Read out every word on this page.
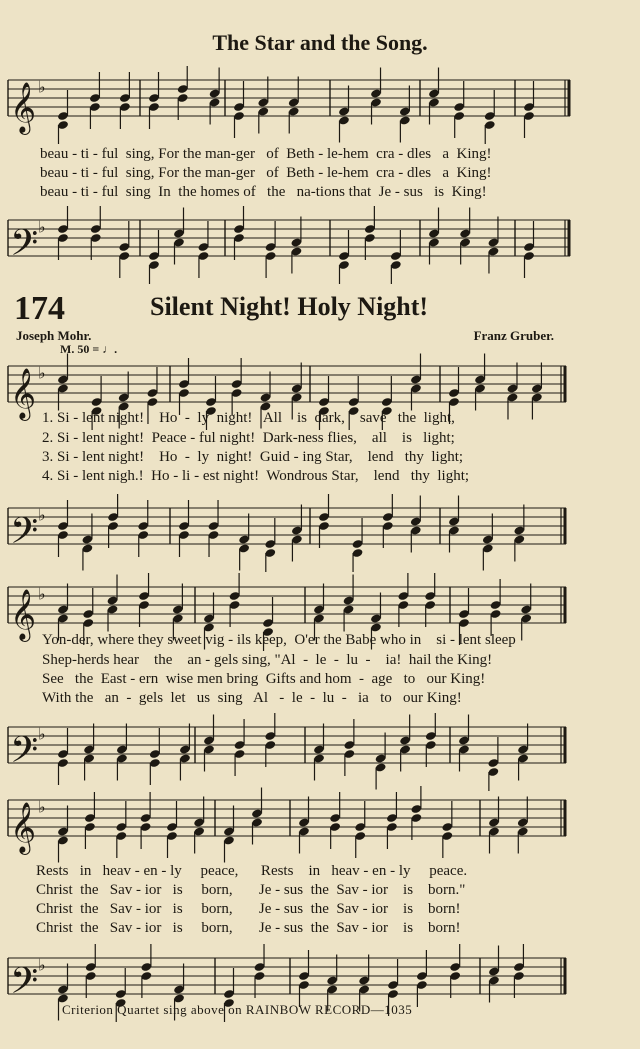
The Star and the Song.
174	Silent Night! Holy Night!
Joseph Mohr.	Franz Gruber.
M. 50 = ♩.
𝄞 ♭
𝄢 ♭
𝄞 ♭
𝄢 ♭
𝄞 ♭
𝄢 ♭
𝄞 ♭
𝄢 ♭
beau - ti - ful  sing, For the man-ger   of  Beth - le-hem  cra - dles   a  King!
beau - ti - ful  sing, For the man-ger   of  Beth - le-hem  cra - dles   a  King!
beau - ti - ful  sing  In  the homes of   the   na-tions that  Je - sus   is  King!
1. Si - lent night!    Ho  -  ly  night!   All    is  dark,    save   the  light,
2. Si - lent night!  Peace - ful night!  Dark-ness flies,    all    is   light;
3. Si - lent night!    Ho  -  ly  night!  Guid - ing Star,    lend   thy  light;
4. Si - lent nigh.!  Ho - li - est night!  Wondrous Star,    lend   thy  light;
Yon-der, where they sweet vig - ils keep,  O'er the Babe who in    si - lent sleep
Shep-herds hear    the    an - gels sing, "Al  -  le  -  lu  -    ia!  hail the King!
See   the  East - ern  wise men bring  Gifts and hom  -  age   to   our King!
With the   an  -  gels  let   us  sing   Al   -  le  -  lu  -   ia   to   our King!
Rests   in   heav - en - ly     peace,      Rests    in   heav - en - ly     peace.
Christ  the   Sav - ior   is     born,       Je - sus  the  Sav - ior    is    born."
Christ  the   Sav - ior   is     born,       Je - sus  the  Sav - ior    is    born!
Christ  the   Sav - ior   is     born,       Je - sus  the  Sav - ior    is    born!
Criterion Quartet sing above on RAINBOW RECORD—1035
